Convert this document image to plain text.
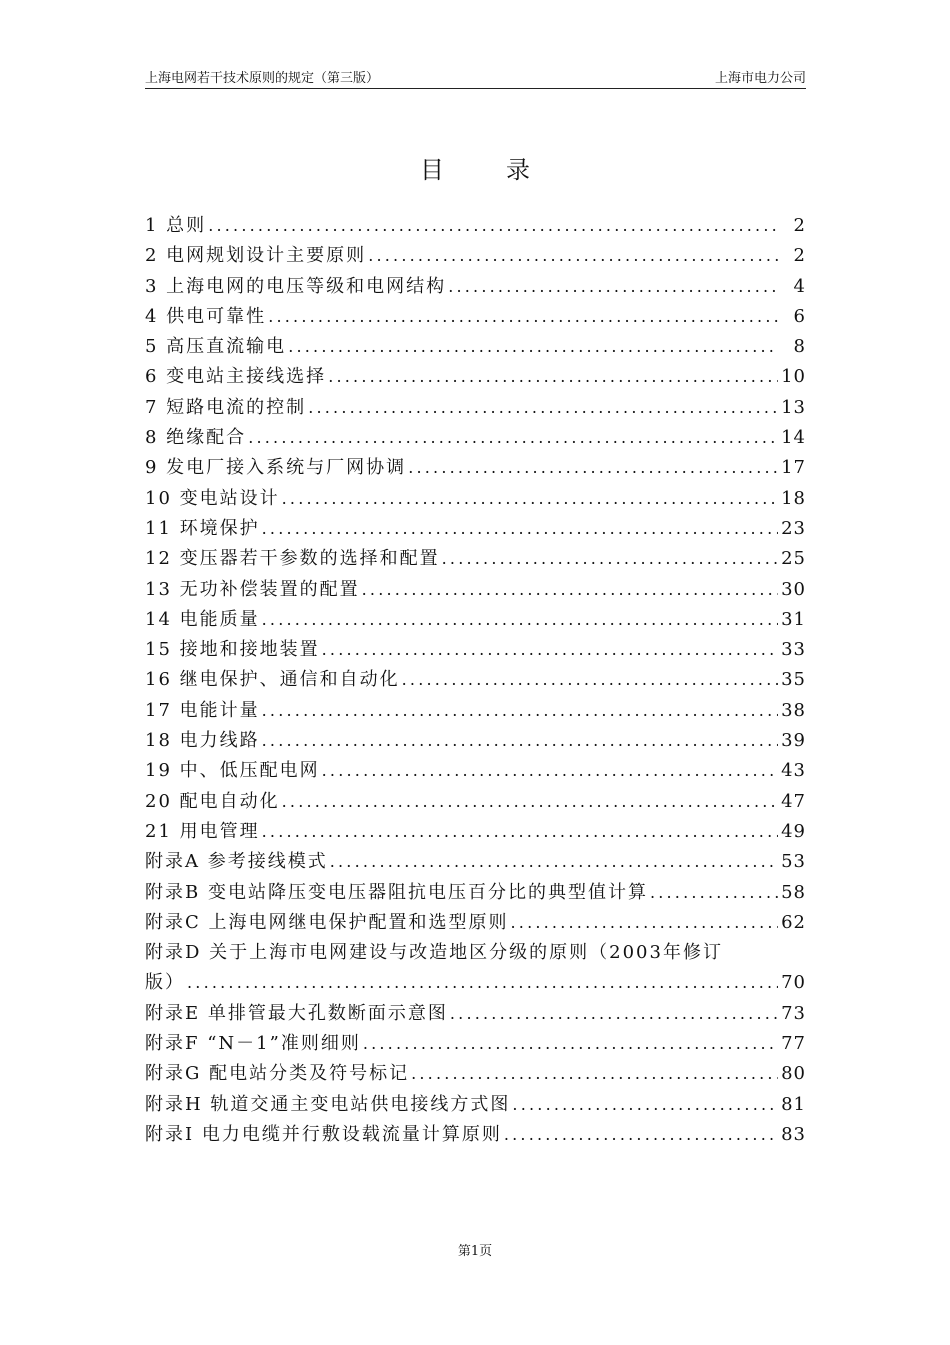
上海电网若干技术原则的规定（第三版）	上海市电力公司
目录
1 总则 .....	2
2 电网规划设计主要原则 .....	2
3 上海电网的电压等级和电网结构 .....	4
4 供电可靠性 .....	6
5 高压直流输电 .....	8
6 变电站主接线选择 .....	10
7 短路电流的控制 .....	13
8 绝缘配合 .....	14
9 发电厂接入系统与厂网协调 .....	17
10 变电站设计 .....	18
11 环境保护 .....	23
12 变压器若干参数的选择和配置 .....	25
13 无功补偿装置的配置 .....	30
14 电能质量 .....	31
15 接地和接地装置 .....	33
16 继电保护、通信和自动化 .....	35
17 电能计量 .....	38
18 电力线路 .....	39
19 中、低压配电网 .....	43
20 配电自动化 .....	47
21 用电管理 .....	49
附录A 参考接线模式 .....	53
附录B 变电站降压变电压器阻抗电压百分比的典型值计算 .....	58
附录C 上海电网继电保护配置和选型原则 .....	62
附录D 关于上海市电网建设与改造地区分级的原则（2003年修订
版） .....	70
附录E 单排管最大孔数断面示意图 .....	73
附录F “N－1”准则细则 .....	77
附录G 配电站分类及符号标记 .....	80
附录H 轨道交通主变电站供电接线方式图 .....	81
附录I 电力电缆并行敷设载流量计算原则 .....	83
第1页
